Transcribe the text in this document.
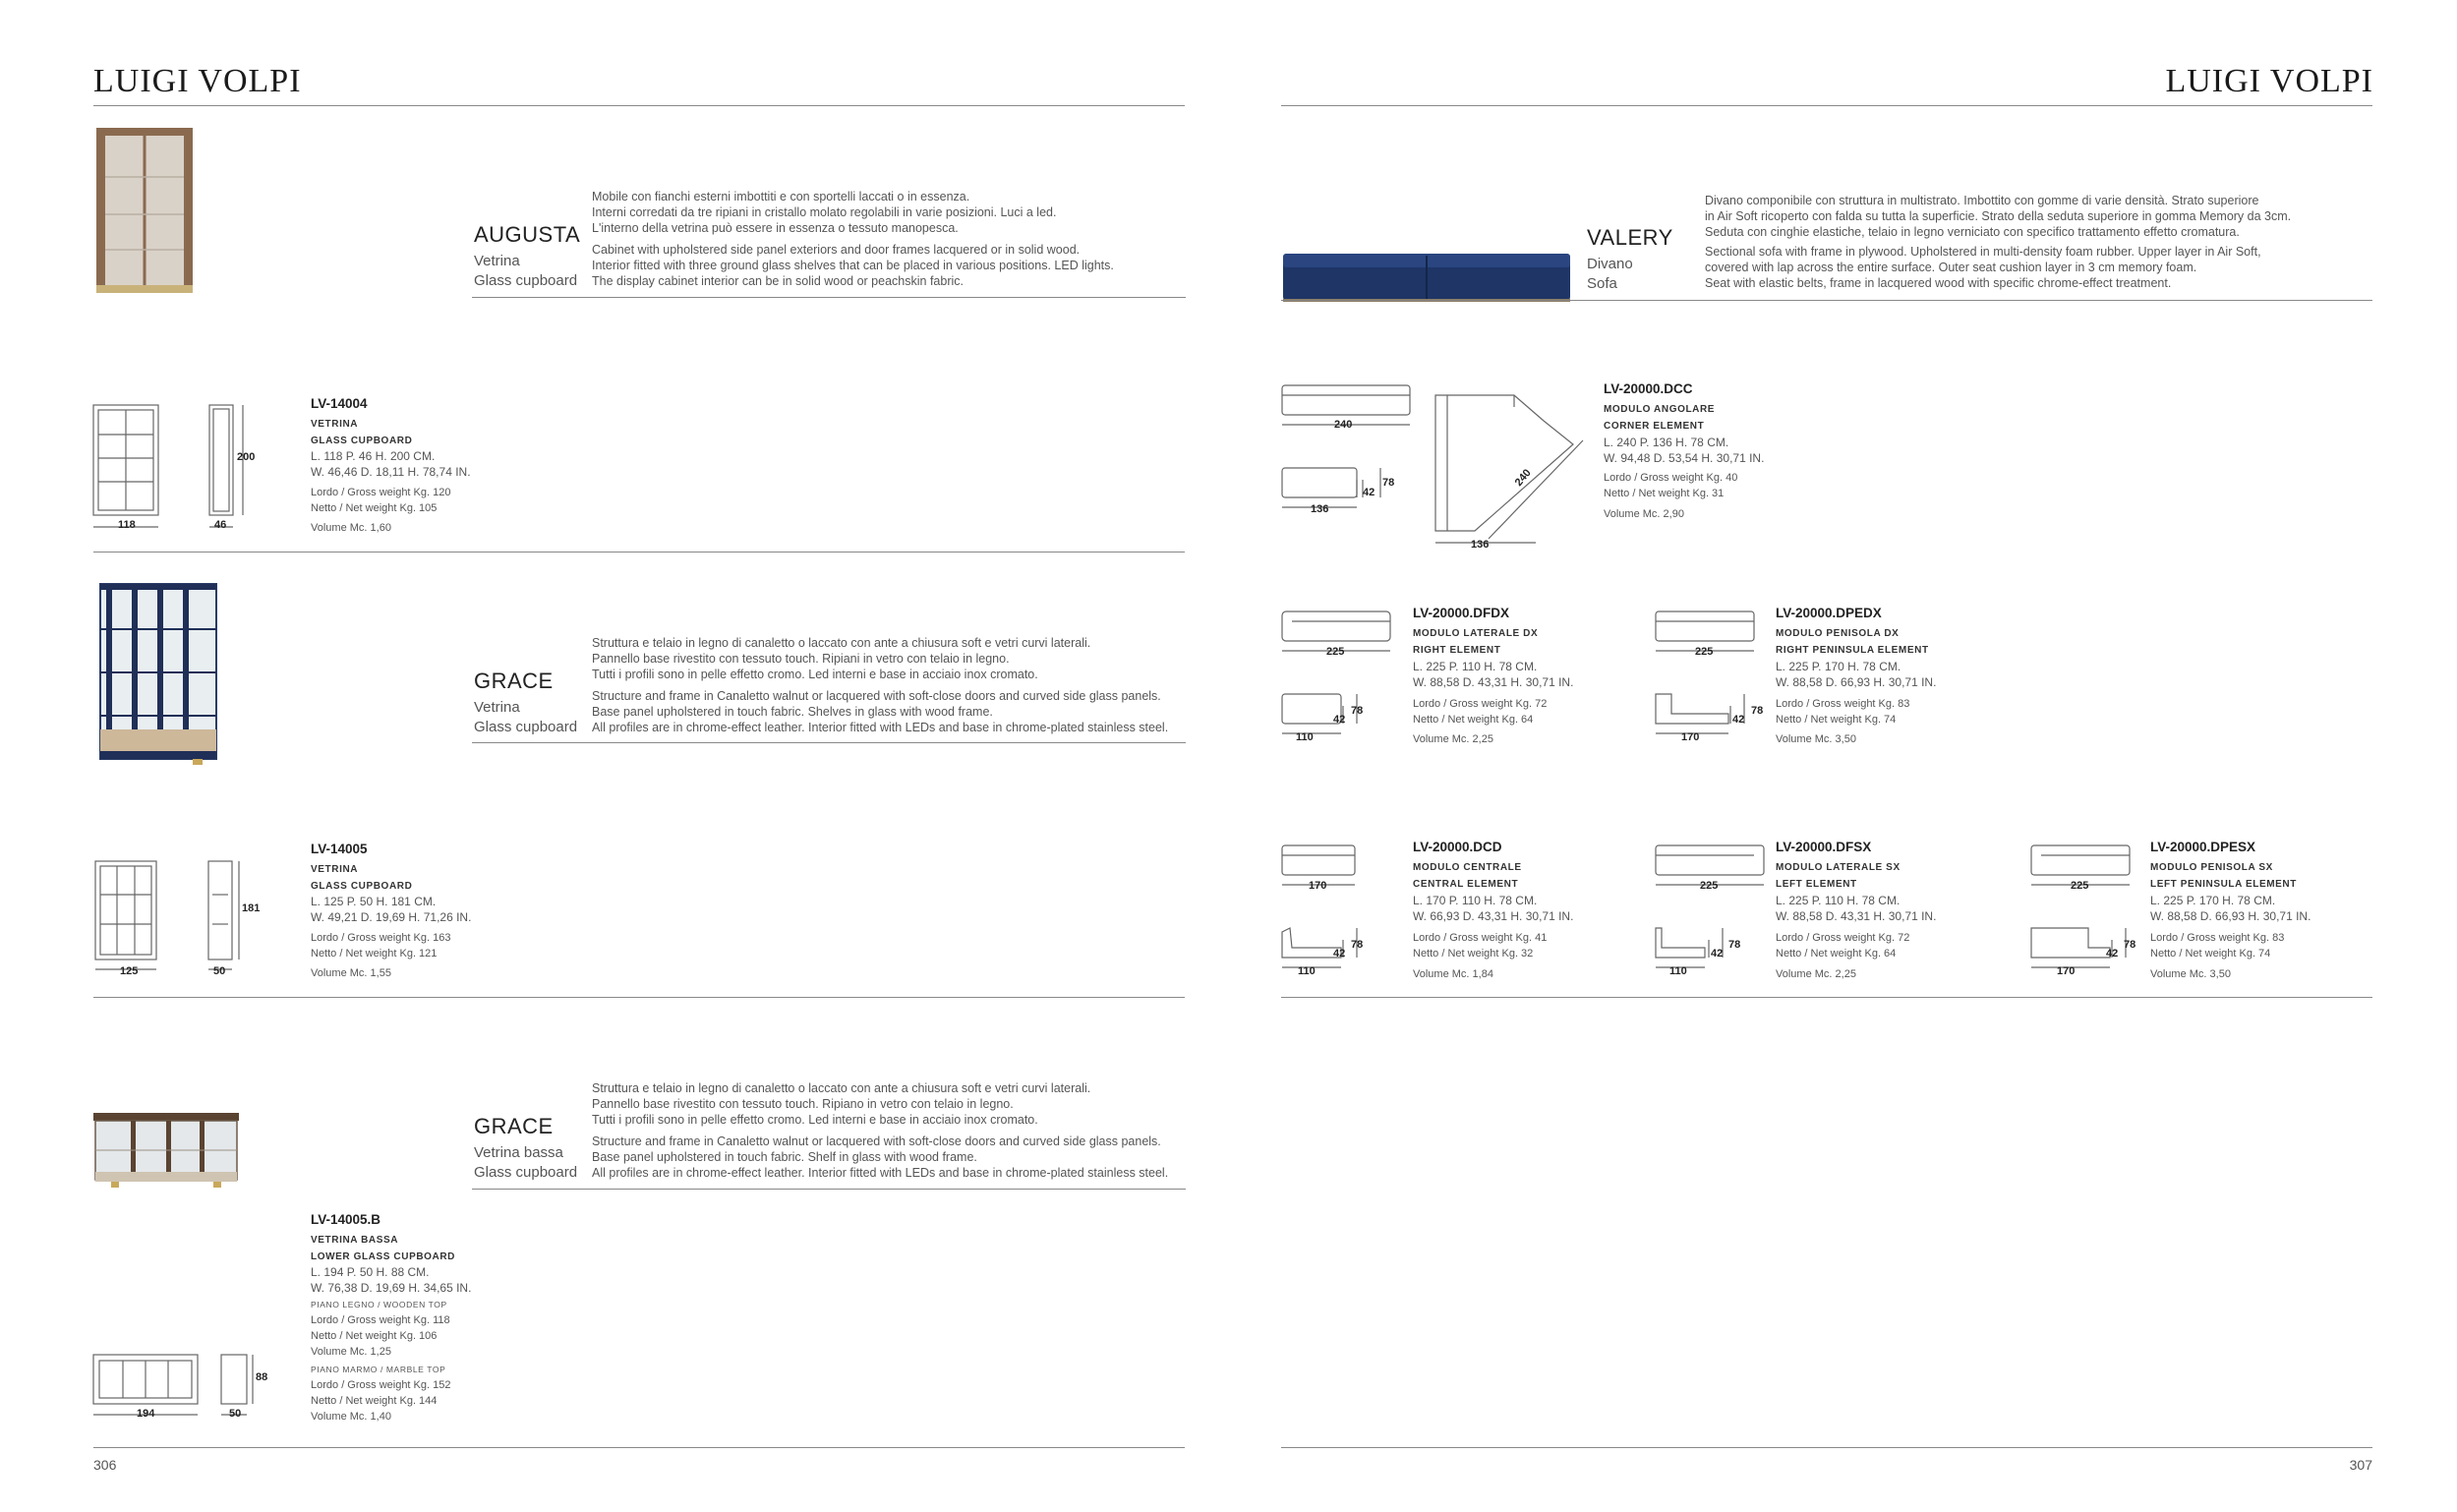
LUIGI VOLPI	LUIGI VOLPI
AUGUSTA
Vetrina
Glass cupboard
Mobile con fianchi esterni imbottiti e con sportelli laccati o in essenza.
Interni corredati da tre ripiani in cristallo molato regolabili in varie posizioni. Luci a led.
L'interno della vetrina può essere in essenza o tessuto manopesca.
Cabinet with upholstered side panel exteriors and door frames lacquered or in solid wood.
Interior fitted with three ground glass shelves that can be placed in various positions. LED lights.
The display cabinet interior can be in solid wood or peachskin fabric.
118	46
200
LV-14004
VETRINA
GLASS CUPBOARD
L. 118 P. 46 H. 200 CM.
W. 46,46 D. 18,11 H. 78,74 IN.
Lordo / Gross weight Kg. 120
Netto / Net weight Kg. 105
Volume Mc. 1,60
GRACE
Vetrina
Glass cupboard
Struttura e telaio in legno di canaletto o laccato con ante a chiusura soft e vetri curvi laterali.
Pannello base rivestito con tessuto touch. Ripiani in vetro con telaio in legno.
Tutti i profili sono in pelle effetto cromo. Led interni e base in acciaio inox cromato.
Structure and frame in Canaletto walnut or lacquered with soft-close doors and curved side glass panels.
Base panel upholstered in touch fabric. Shelves in glass with wood frame.
All profiles are in chrome-effect leather. Interior fitted with LEDs and base in chrome-plated stainless steel.
125	50
181
LV-14005
VETRINA
GLASS CUPBOARD
L. 125 P. 50 H. 181 CM.
W. 49,21 D. 19,69 H. 71,26 IN.
Lordo / Gross weight Kg. 163
Netto / Net weight Kg. 121
Volume Mc. 1,55
GRACE
Vetrina bassa
Glass cupboard
Struttura e telaio in legno di canaletto o laccato con ante a chiusura soft e vetri curvi laterali.
Pannello base rivestito con tessuto touch. Ripiano in vetro con telaio in legno.
Tutti i profili sono in pelle effetto cromo. Led interni e base in acciaio inox cromato.
Structure and frame in Canaletto walnut or lacquered with soft-close doors and curved side glass panels.
Base panel upholstered in touch fabric. Shelf in glass with wood frame.
All profiles are in chrome-effect leather. Interior fitted with LEDs and base in chrome-plated stainless steel.
194	50
88
LV-14005.B
VETRINA BASSA
LOWER GLASS CUPBOARD
L. 194 P. 50 H. 88 CM.
W. 76,38 D. 19,69 H. 34,65 IN.
PIANO LEGNO / WOODEN TOP
Lordo / Gross weight Kg. 118
Netto / Net weight Kg. 106
Volume Mc. 1,25
PIANO MARMO / MARBLE TOP
Lordo / Gross weight Kg. 152
Netto / Net weight Kg. 144
Volume Mc. 1,40
306
VALERY
Divano
Sofa
Divano componibile con struttura in multistrato. Imbottito con gomme di varie densità. Strato superiore
in Air Soft ricoperto con falda su tutta la superficie. Strato della seduta superiore in gomma Memory da 3cm.
Seduta con cinghie elastiche, telaio in legno verniciato con specifico trattamento effetto cromatura.
Sectional sofa with frame in plywood. Upholstered in multi-density foam rubber. Upper layer in Air Soft,
covered with lap across the entire surface. Outer seat cushion layer in 3 cm memory foam.
Seat with elastic belts, frame in lacquered wood with specific chrome-effect treatment.
240
136
42
78	240
136
LV-20000.DCC
MODULO ANGOLARE
CORNER ELEMENT
L. 240 P. 136 H. 78 CM.
W. 94,48 D. 53,54 H. 30,71 IN.
Lordo / Gross weight Kg. 40
Netto / Net weight Kg. 31
Volume Mc. 2,90
225
110
42
78
LV-20000.DFDX
MODULO LATERALE DX
RIGHT ELEMENT
L. 225 P. 110 H. 78 CM.
W. 88,58 D. 43,31 H. 30,71 IN.
Lordo / Gross weight Kg. 72
Netto / Net weight Kg. 64
Volume Mc. 2,25
225
170
42
78
LV-20000.DPEDX
MODULO PENISOLA DX
RIGHT PENINSULA ELEMENT
L. 225 P. 170 H. 78 CM.
W. 88,58 D. 66,93 H. 30,71 IN.
Lordo / Gross weight Kg. 83
Netto / Net weight Kg. 74
Volume Mc. 3,50
170
110
42
78
LV-20000.DCD
MODULO CENTRALE
CENTRAL ELEMENT
L. 170 P. 110 H. 78 CM.
W. 66,93 D. 43,31 H. 30,71 IN.
Lordo / Gross weight Kg. 41
Netto / Net weight Kg. 32
Volume Mc. 1,84
225
110
42
78
LV-20000.DFSX
MODULO LATERALE SX
LEFT ELEMENT
L. 225 P. 110 H. 78 CM.
W. 88,58 D. 43,31 H. 30,71 IN.
Lordo / Gross weight Kg. 72
Netto / Net weight Kg. 64
Volume Mc. 2,25
225
170
42
78
LV-20000.DPESX
MODULO PENISOLA SX
LEFT PENINSULA ELEMENT
L. 225 P. 170 H. 78 CM.
W. 88,58 D. 66,93 H. 30,71 IN.
Lordo / Gross weight Kg. 83
Netto / Net weight Kg. 74
Volume Mc. 3,50
307
